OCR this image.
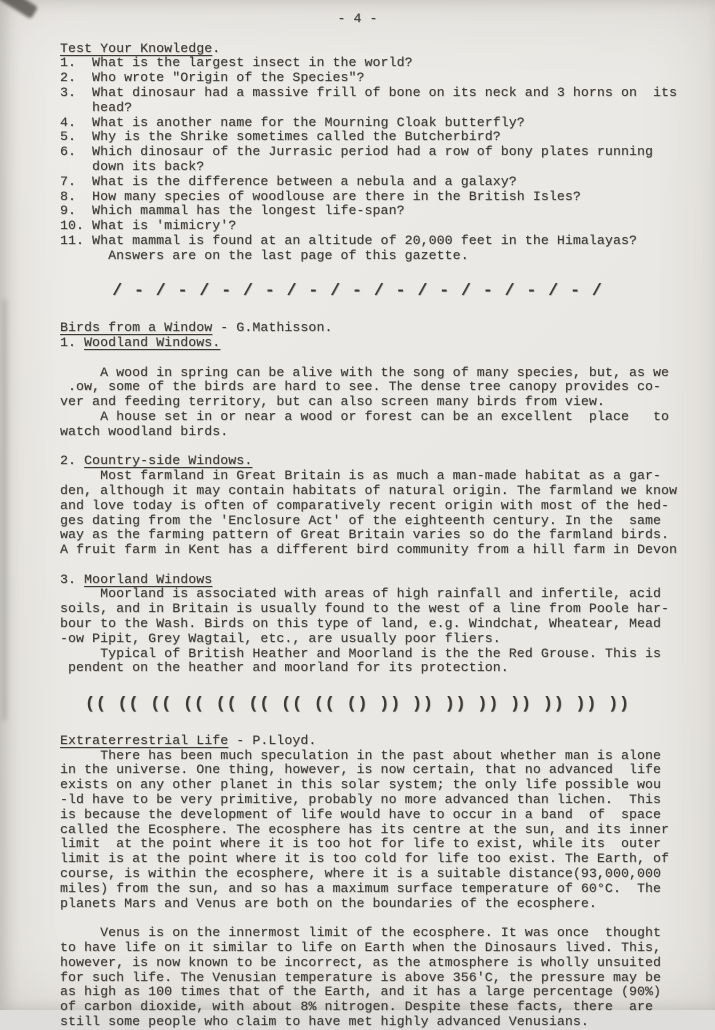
- 4 -

Test Your Knowledge.
1.  What is the largest insect in the world?
2.  Who wrote "Origin of the Species"?
3.  What dinosaur had a massive frill of bone on its neck and 3 horns on  its
head?
4.  What is another name for the Mourning Cloak butterfly?
5.  Why is the Shrike sometimes called the Butcherbird?
6.  Which dinosaur of the Jurrasic period had a row of bony plates running
down its back?
7.  What is the difference between a nebula and a galaxy?
8.  How many species of woodlouse are there in the British Isles?
9.  Which mammal has the longest life-span?
10. What is 'mimicry'?
11. What mammal is found at an altitude of 20,000 feet in the Himalayas?
Answers are on the last page of this gazette.

/ - / - / - / - / - / - / - / - / - / - / - /

Birds from a Window - G.Mathisson.
1. Woodland Windows.

A wood in spring can be alive with the song of many species, but, as we
.ow, some of the birds are hard to see. The dense tree canopy provides co-
ver and feeding territory, but can also screen many birds from view.
A house set in or near a wood or forest can be an excellent  place   to
watch woodland birds.

2. Country-side Windows.
Most farmland in Great Britain is as much a man-made habitat as a gar-
den, although it may contain habitats of natural origin. The farmland we know
and love today is often of comparatively recent origin with most of the hed-
ges dating from the 'Enclosure Act' of the eighteenth century. In the  same
way as the farming pattern of Great Britain varies so do the farmland birds.
A fruit farm in Kent has a different bird community from a hill farm in Devon

3. Moorland Windows
Moorland is associated with areas of high rainfall and infertile, acid
soils, and in Britain is usually found to the west of a line from Poole har-
bour to the Wash. Birds on this type of land, e.g. Windchat, Wheatear, Mead
-ow Pipit, Grey Wagtail, etc., are usually poor fliers.
Typical of British Heather and Moorland is the the Red Grouse. This is
pendent on the heather and moorland for its protection.

(( (( (( (( (( (( (( (( () )) )) )) )) )) )) )) ))

Extraterrestrial Life - P.Lloyd.
There has been much speculation in the past about whether man is alone
in the universe. One thing, however, is now certain, that no advanced  life
exists on any other planet in this solar system; the only life possible wou
-ld have to be very primitive, probably no more advanced than lichen.  This
is because the development of life would have to occur in a band  of  space
called the Ecosphere. The ecosphere has its centre at the sun, and its inner
limit  at the point where it is too hot for life to exist, while its  outer
limit is at the point where it is too cold for life too exist. The Earth, of
course, is within the ecosphere, where it is a suitable distance(93,000,000
miles) from the sun, and so has a maximum surface temperature of 60°C.  The
planets Mars and Venus are both on the boundaries of the ecosphere.

Venus is on the innermost limit of the ecosphere. It was once  thought
to have life on it similar to life on Earth when the Dinosaurs lived. This,
however, is now known to be incorrect, as the atmosphere is wholly unsuited
for such life. The Venusian temperature is above 356'C, the pressure may be
as high as 100 times that of the Earth, and it has a large percentage (90%)
of carbon dioxide, with about 8% nitrogen. Despite these facts, there  are
still some people who claim to have met highly advanced Venusians.
